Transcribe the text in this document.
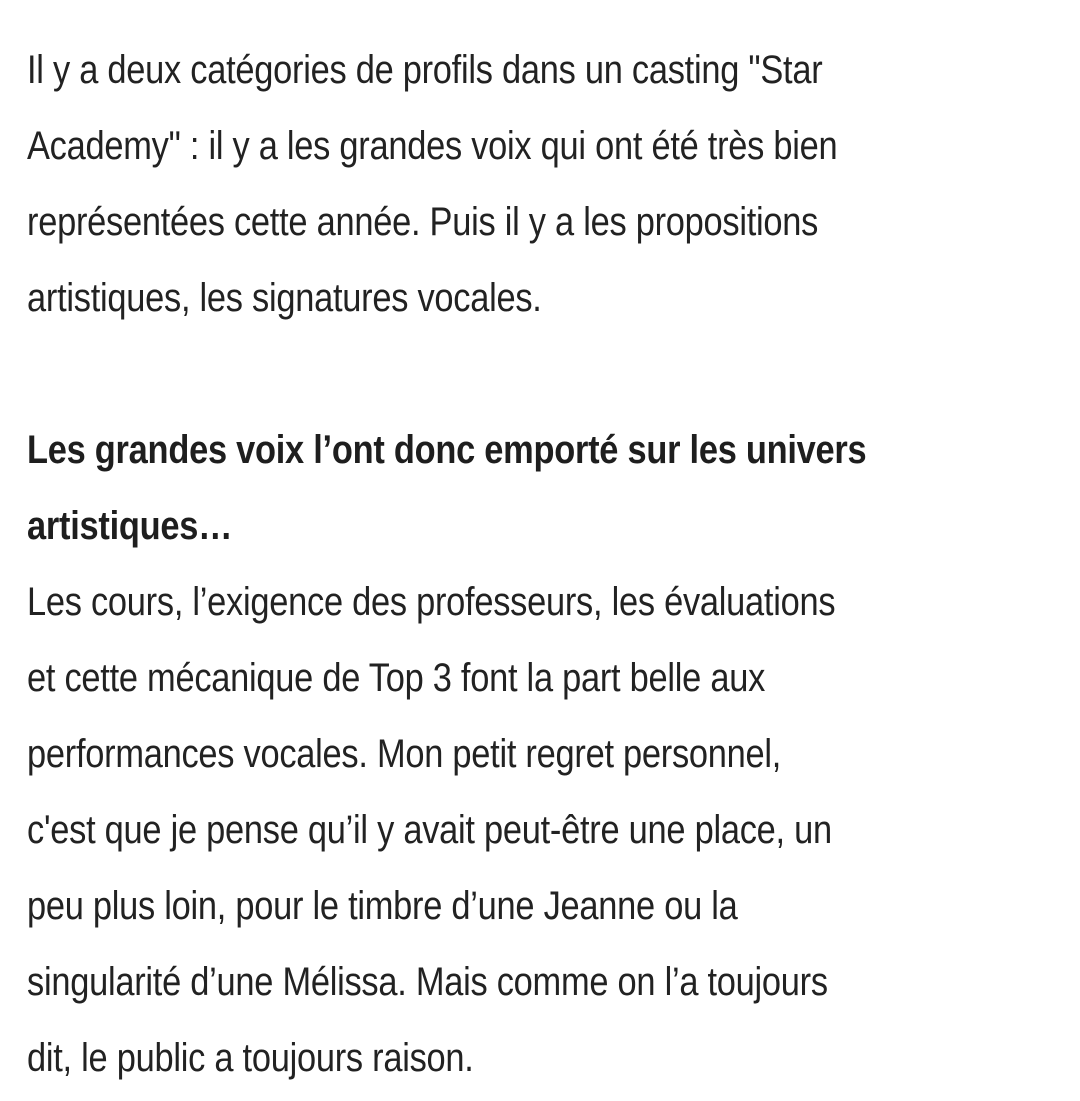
Il y a deux catégories de profils dans un casting "Star
Academy" : il y a les grandes voix qui ont été très bien
représentées cette année. Puis il y a les propositions
artistiques, les signatures vocales.

Les grandes voix l’ont donc emporté sur les univers
artistiques…

Les cours, l’exigence des professeurs, les évaluations
et cette mécanique de Top 3 font la part belle aux
performances vocales. Mon petit regret personnel,
c'est que je pense qu’il y avait peut-être une place, un
peu plus loin, pour le timbre d’une Jeanne ou la
singularité d’une Mélissa. Mais comme on l’a toujours
dit, le public a toujours raison.
